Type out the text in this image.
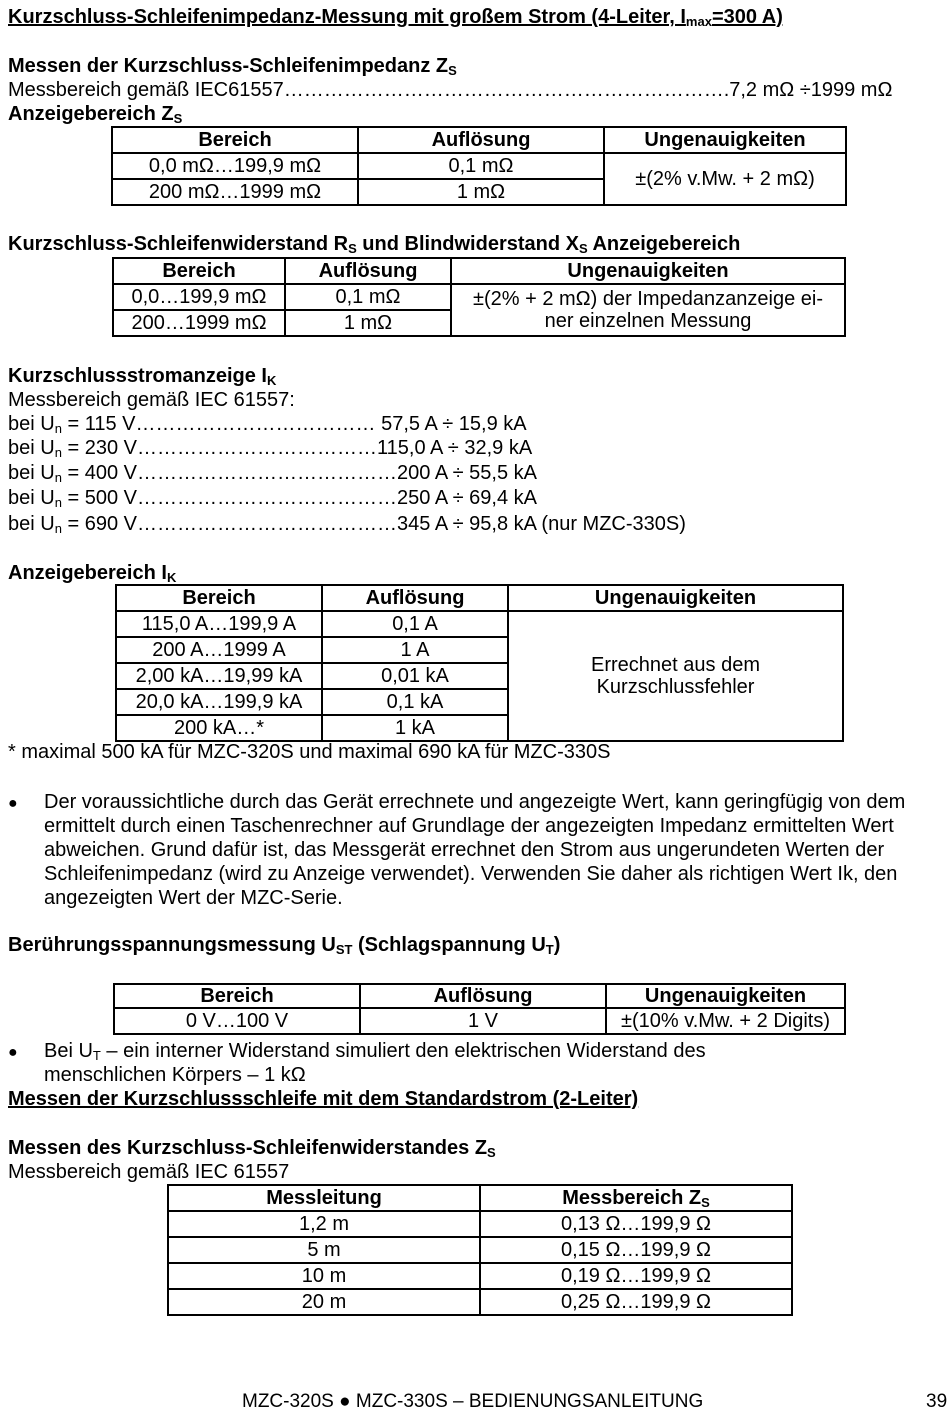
Kurzschluss-Schleifenimpedanz-Messung mit großem Strom (4-Leiter, $I_{max}=300$ A)
Messen der Kurzschluss-Schleifenimpedanz $Z_S$
Messbereich gemäß IEC61557………………………………………………………….7,2 mΩ ÷1999 mΩ
Anzeigebereich $Z_S$
Bereich	Auflösung	Ungenauigkeiten
0,0 mΩ…199,9 mΩ	0,1 mΩ	±(2% v.Mw. + 2 mΩ)
200 mΩ…1999 mΩ	1 mΩ	
Kurzschluss-Schleifenwiderstand $R_S$ und Blindwiderstand $X_S$ Anzeigebereich
Bereich	Auflösung	Ungenauigkeiten
0,0…199,9 mΩ	0,1 mΩ	±(2% + 2 mΩ) der Impedanzanzeige ei-
ner einzelnen Messung

200…1999 mΩ	1 mΩ	
Kurzschlussstromanzeige $I_K$
Messbereich gemäß IEC 61557:
bei $U_n = 115$ V……………………………… 57,5 A ÷ 15,9 kA
bei $U_n = 230$ V………………………………115,0 A ÷ 32,9 kA
bei $U_n = 400$ V…………………………………200 A ÷ 55,5 kA
bei $U_n = 500$ V…………………………………250 A ÷ 69,4 kA
bei $U_n = 690$ V…………………………………345 A ÷ 95,8 kA (nur MZC-330S)
Anzeigebereich $I_K$
Bereich	Auflösung	Ungenauigkeiten
115,0 A…199,9 A	0,1 A	Errechnet aus dem
Kurzschlussfehler

200 A…1999 A	1 A	
2,00 kA…19,99 kA	0,01 kA	
20,0 kA…199,9 kA	0,1 kA	
200 kA…*	1 kA	
* maximal 500 kA für MZC-320S und maximal 690 kA für MZC-330S
● Der voraussichtliche durch das Gerät errechnete und angezeigte Wert, kann geringfügig von dem
ermittelt durch einen Taschenrechner auf Grundlage der angezeigten Impedanz ermittelten Wert
abweichen. Grund dafür ist, das Messgerät errechnet den Strom aus ungerundeten Werten der
Schleifenimpedanz (wird zu Anzeige verwendet). Verwenden Sie daher als richtigen Wert Ik, den
angezeigten Wert der MZC-Serie.
Berührungsspannungsmessung $U_{ST}$ (Schlagspannung $U_T$)
Bereich	Auflösung	Ungenauigkeiten
0 V…100 V	1 V	±(10% v.Mw. + 2 Digits)
● Bei $U_T$ – ein interner Widerstand simuliert den elektrischen Widerstand des
menschlichen Körpers – 1 kΩ
Messen der Kurzschlussschleife mit dem Standardstrom (2-Leiter)
Messen des Kurzschluss-Schleifenwiderstandes $Z_S$
Messbereich gemäß IEC 61557
Messleitung	Messbereich $Z_S$
1,2 m	0,13 Ω…199,9 Ω
5 m	0,15 Ω…199,9 Ω
10 m	0,19 Ω…199,9 Ω
20 m	0,25 Ω…199,9 Ω
MZC-320S ● MZC-330S – BEDIENUNGSANLEITUNG	39
